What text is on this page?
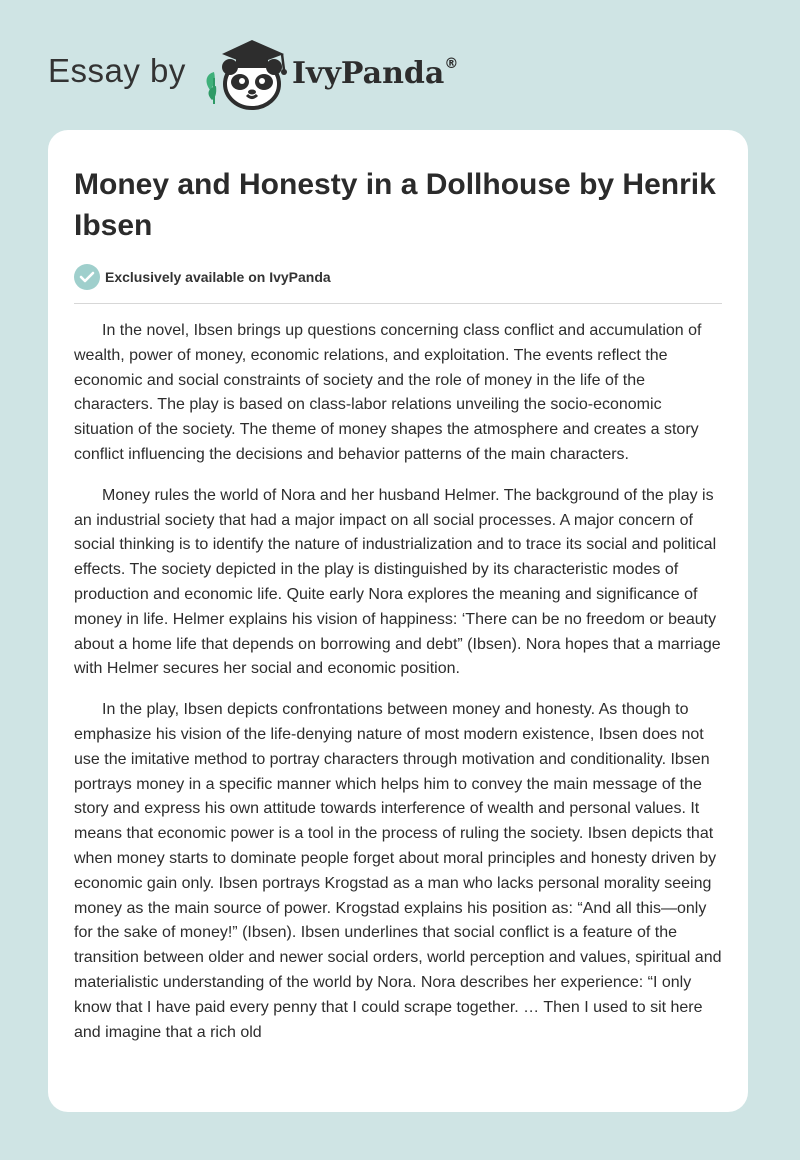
Essay by	IvyPanda®
Money and Honesty in a Dollhouse by Henrik Ibsen
Exclusively available on IvyPanda

In the novel, Ibsen brings up questions concerning class conflict and accumulation of wealth, power of money, economic relations, and exploitation. The events reflect the economic and social constraints of society and the role of money in the life of the characters. The play is based on class-labor relations unveiling the socio-economic situation of the society. The theme of money shapes the atmosphere and creates a story conflict influencing the decisions and behavior patterns of the main characters.

Money rules the world of Nora and her husband Helmer. The background of the play is an industrial society that had a major impact on all social processes. A major concern of social thinking is to identify the nature of industrialization and to trace its social and political effects. The society depicted in the play is distinguished by its characteristic modes of production and economic life. Quite early Nora explores the meaning and significance of money in life. Helmer explains his vision of happiness: ‘There can be no freedom or beauty about a home life that depends on borrowing and debt” (Ibsen). Nora hopes that a marriage with Helmer secures her social and economic position.

In the play, Ibsen depicts confrontations between money and honesty. As though to emphasize his vision of the life-denying nature of most modern existence, Ibsen does not use the imitative method to portray characters through motivation and conditionality. Ibsen portrays money in a specific manner which helps him to convey the main message of the story and express his own attitude towards interference of wealth and personal values. It means that economic power is a tool in the process of ruling the society. Ibsen depicts that when money starts to dominate people forget about moral principles and honesty driven by economic gain only. Ibsen portrays Krogstad as a man who lacks personal morality seeing money as the main source of power. Krogstad explains his position as: “And all this—only for the sake of money!” (Ibsen). Ibsen underlines that social conflict is a feature of the transition between older and newer social orders, world perception and values, spiritual and materialistic understanding of the world by Nora. Nora describes her experience: “I only know that I have paid every penny that I could scrape together. … Then I used to sit here and imagine that a rich old
